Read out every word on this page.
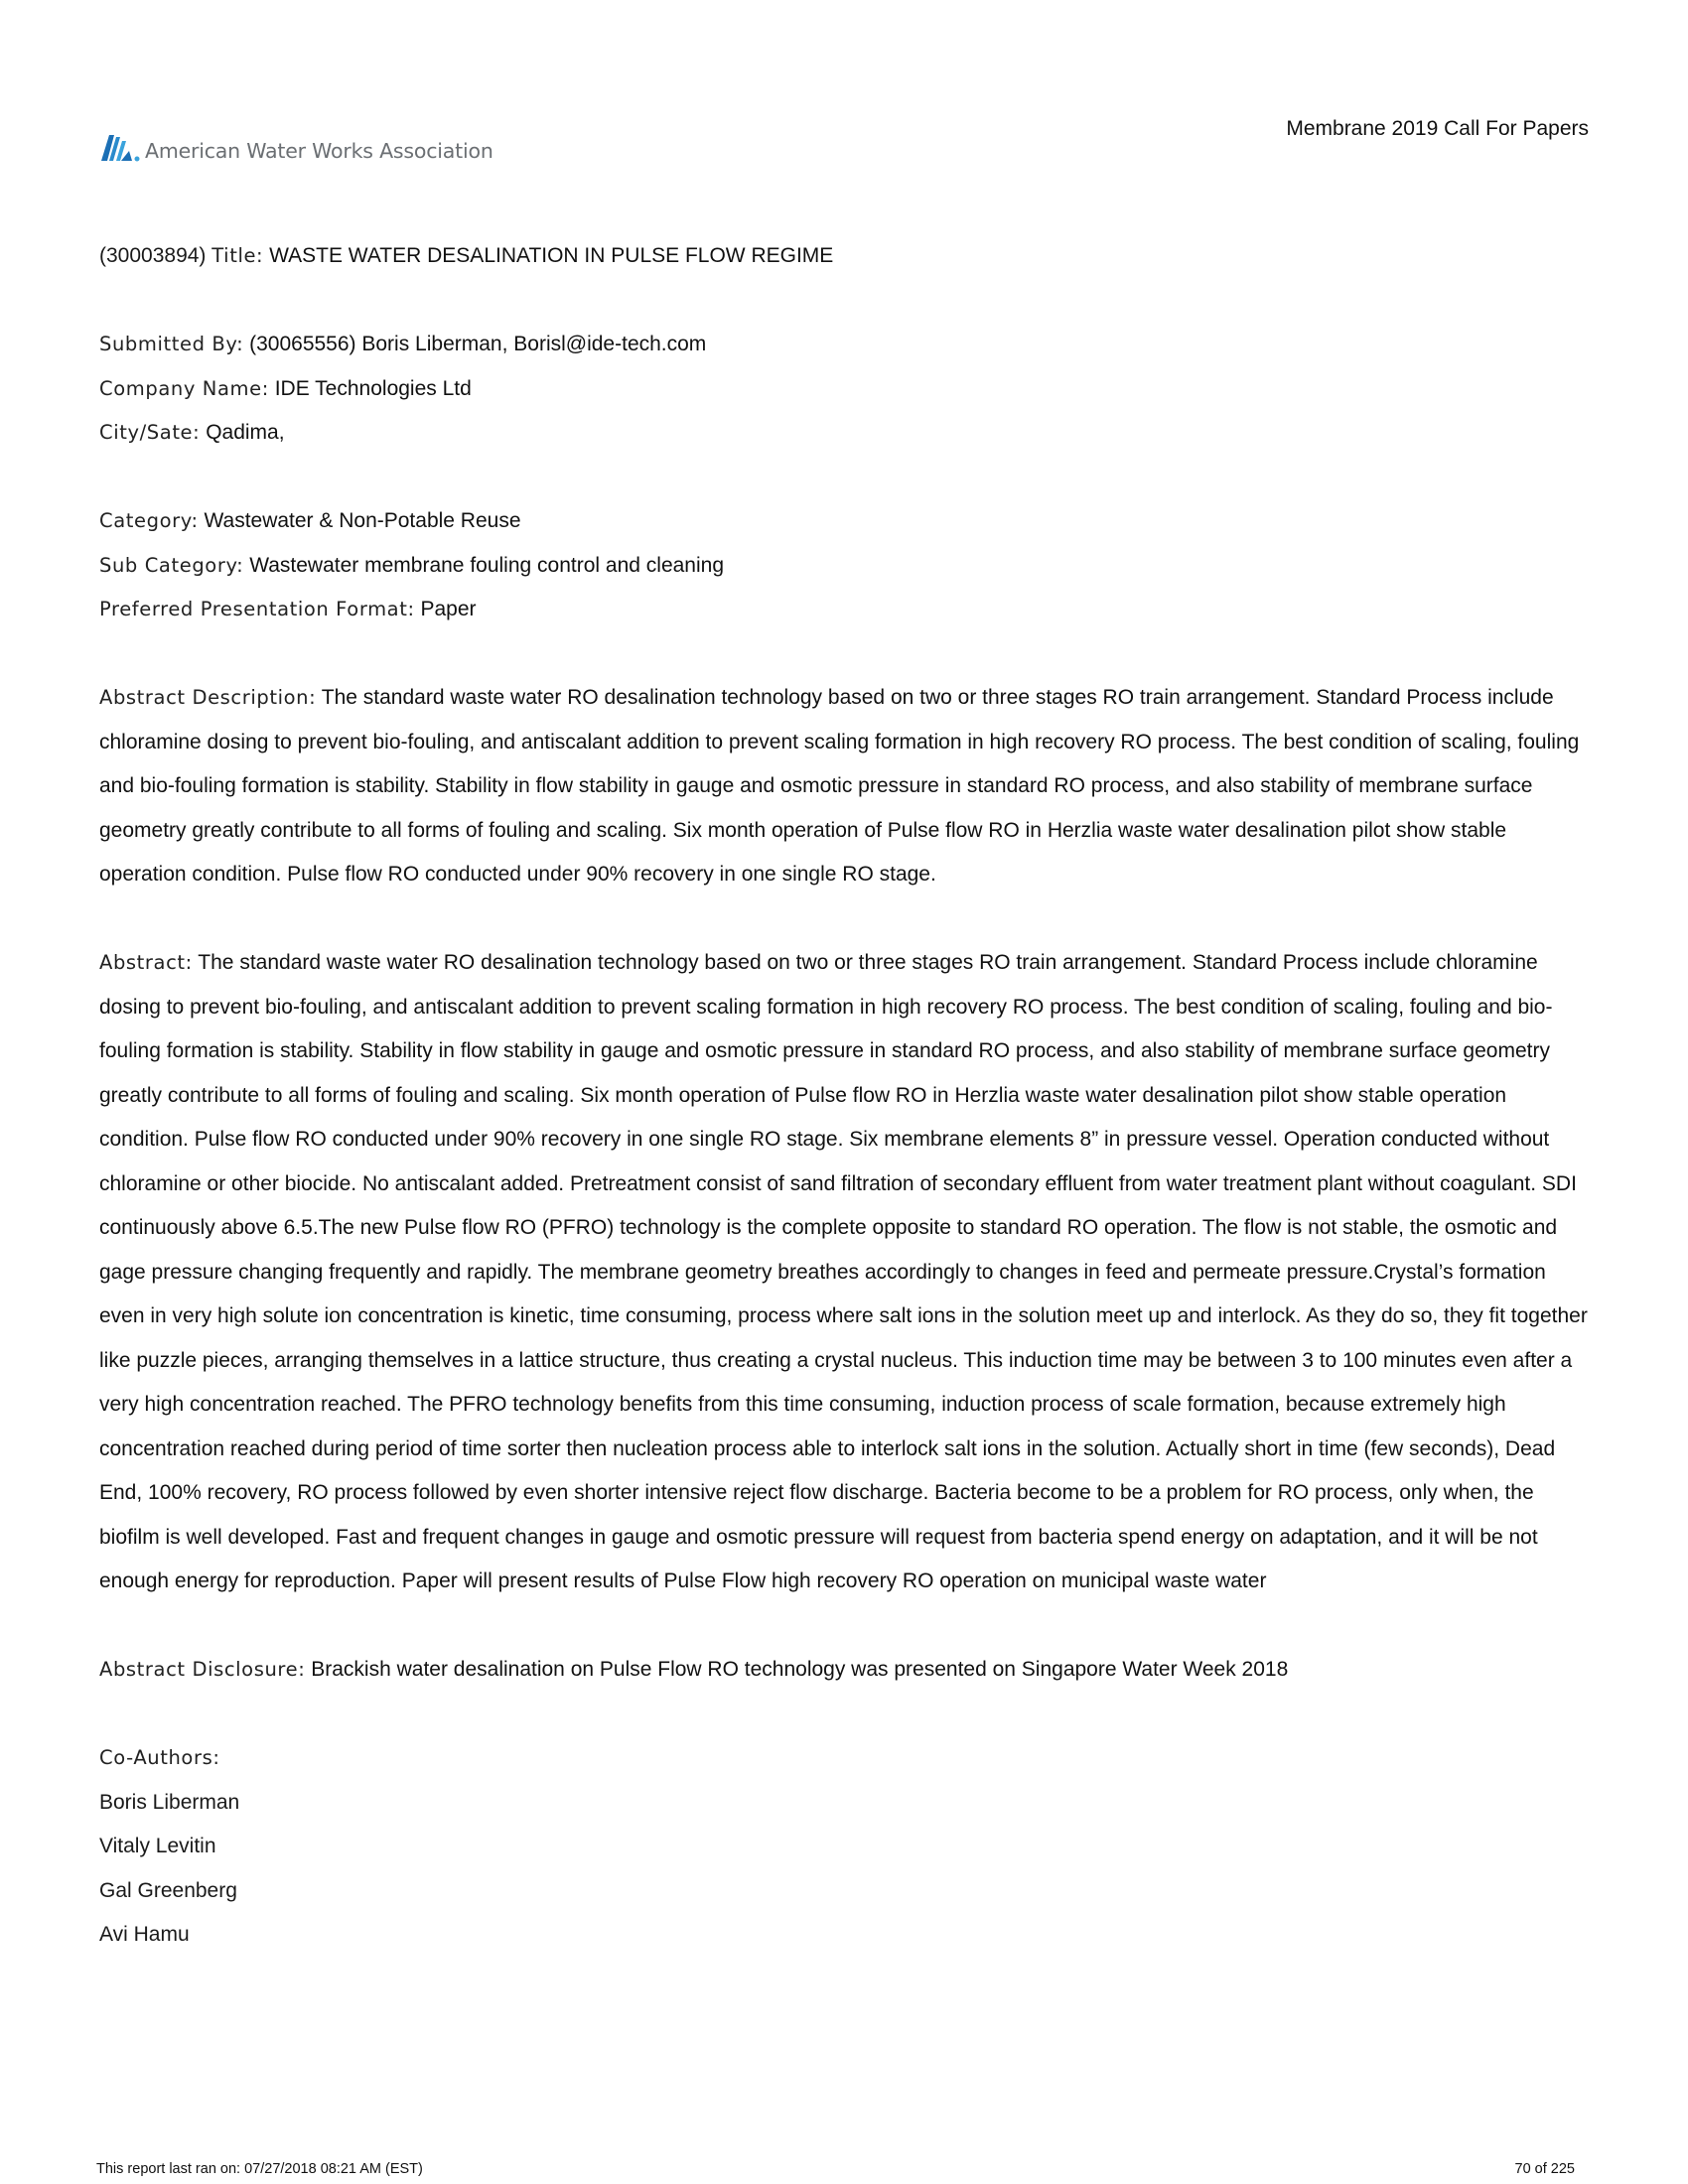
American Water Works Association
Membrane 2019 Call For Papers

(30003894) Title: WASTE WATER DESALINATION IN PULSE FLOW REGIME

Submitted By: (30065556) Boris Liberman, Borisl@ide-tech.com

Company Name: IDE Technologies Ltd

City/Sate: Qadima,

Category: Wastewater & Non-Potable Reuse

Sub Category: Wastewater membrane fouling control and cleaning

Preferred Presentation Format: Paper

Abstract Description: The standard waste water RO desalination technology based on two or three stages RO train arrangement. Standard Process include chloramine dosing to prevent bio-fouling, and antiscalant addition to prevent scaling formation in high recovery RO process. The best condition of scaling, fouling and bio-fouling formation is stability. Stability in flow stability in gauge and osmotic pressure in standard RO process, and also stability of membrane surface geometry greatly contribute to all forms of fouling and scaling. Six month operation of Pulse flow RO in Herzlia waste water desalination pilot show stable operation condition. Pulse flow RO conducted under 90% recovery in one single RO stage.

Abstract: The standard waste water RO desalination technology based on two or three stages RO train arrangement. Standard Process include chloramine dosing to prevent bio-fouling, and antiscalant addition to prevent scaling formation in high recovery RO process. The best condition of scaling, fouling and bio-fouling formation is stability. Stability in flow stability in gauge and osmotic pressure in standard RO process, and also stability of membrane surface geometry greatly contribute to all forms of fouling and scaling. Six month operation of Pulse flow RO in Herzlia waste water desalination pilot show stable operation condition. Pulse flow RO conducted under 90% recovery in one single RO stage. Six membrane elements 8” in pressure vessel. Operation conducted without chloramine or other biocide. No antiscalant added. Pretreatment consist of sand filtration of secondary effluent from water treatment plant without coagulant. SDI continuously above 6.5.The new Pulse flow RO (PFRO) technology is the complete opposite to standard RO operation. The flow is not stable, the osmotic and gage pressure changing frequently and rapidly. The membrane geometry breathes accordingly to changes in feed and permeate pressure.Crystal’s formation even in very high solute ion concentration is kinetic, time consuming, process where salt ions in the solution meet up and interlock. As they do so, they fit together like puzzle pieces, arranging themselves in a lattice structure, thus creating a crystal nucleus. This induction time may be between 3 to 100 minutes even after a very high concentration reached. The PFRO technology benefits from this time consuming, induction process of scale formation, because extremely high concentration reached during period of time sorter then nucleation process able to interlock salt ions in the solution. Actually short in time (few seconds), Dead End, 100% recovery, RO process followed by even shorter intensive reject flow discharge. Bacteria become to be a problem for RO process, only when, the biofilm is well developed. Fast and frequent changes in gauge and osmotic pressure will request from bacteria spend energy on adaptation, and it will be not enough energy for reproduction. Paper will present results of Pulse Flow high recovery RO operation on municipal waste water

Abstract Disclosure: Brackish water desalination on Pulse Flow RO technology was presented on Singapore Water Week 2018

Co-Authors:

Boris Liberman

Vitaly Levitin

Gal Greenberg

Avi Hamu

This report last ran on: 07/27/2018 08:21 AM (EST)	70 of 225
